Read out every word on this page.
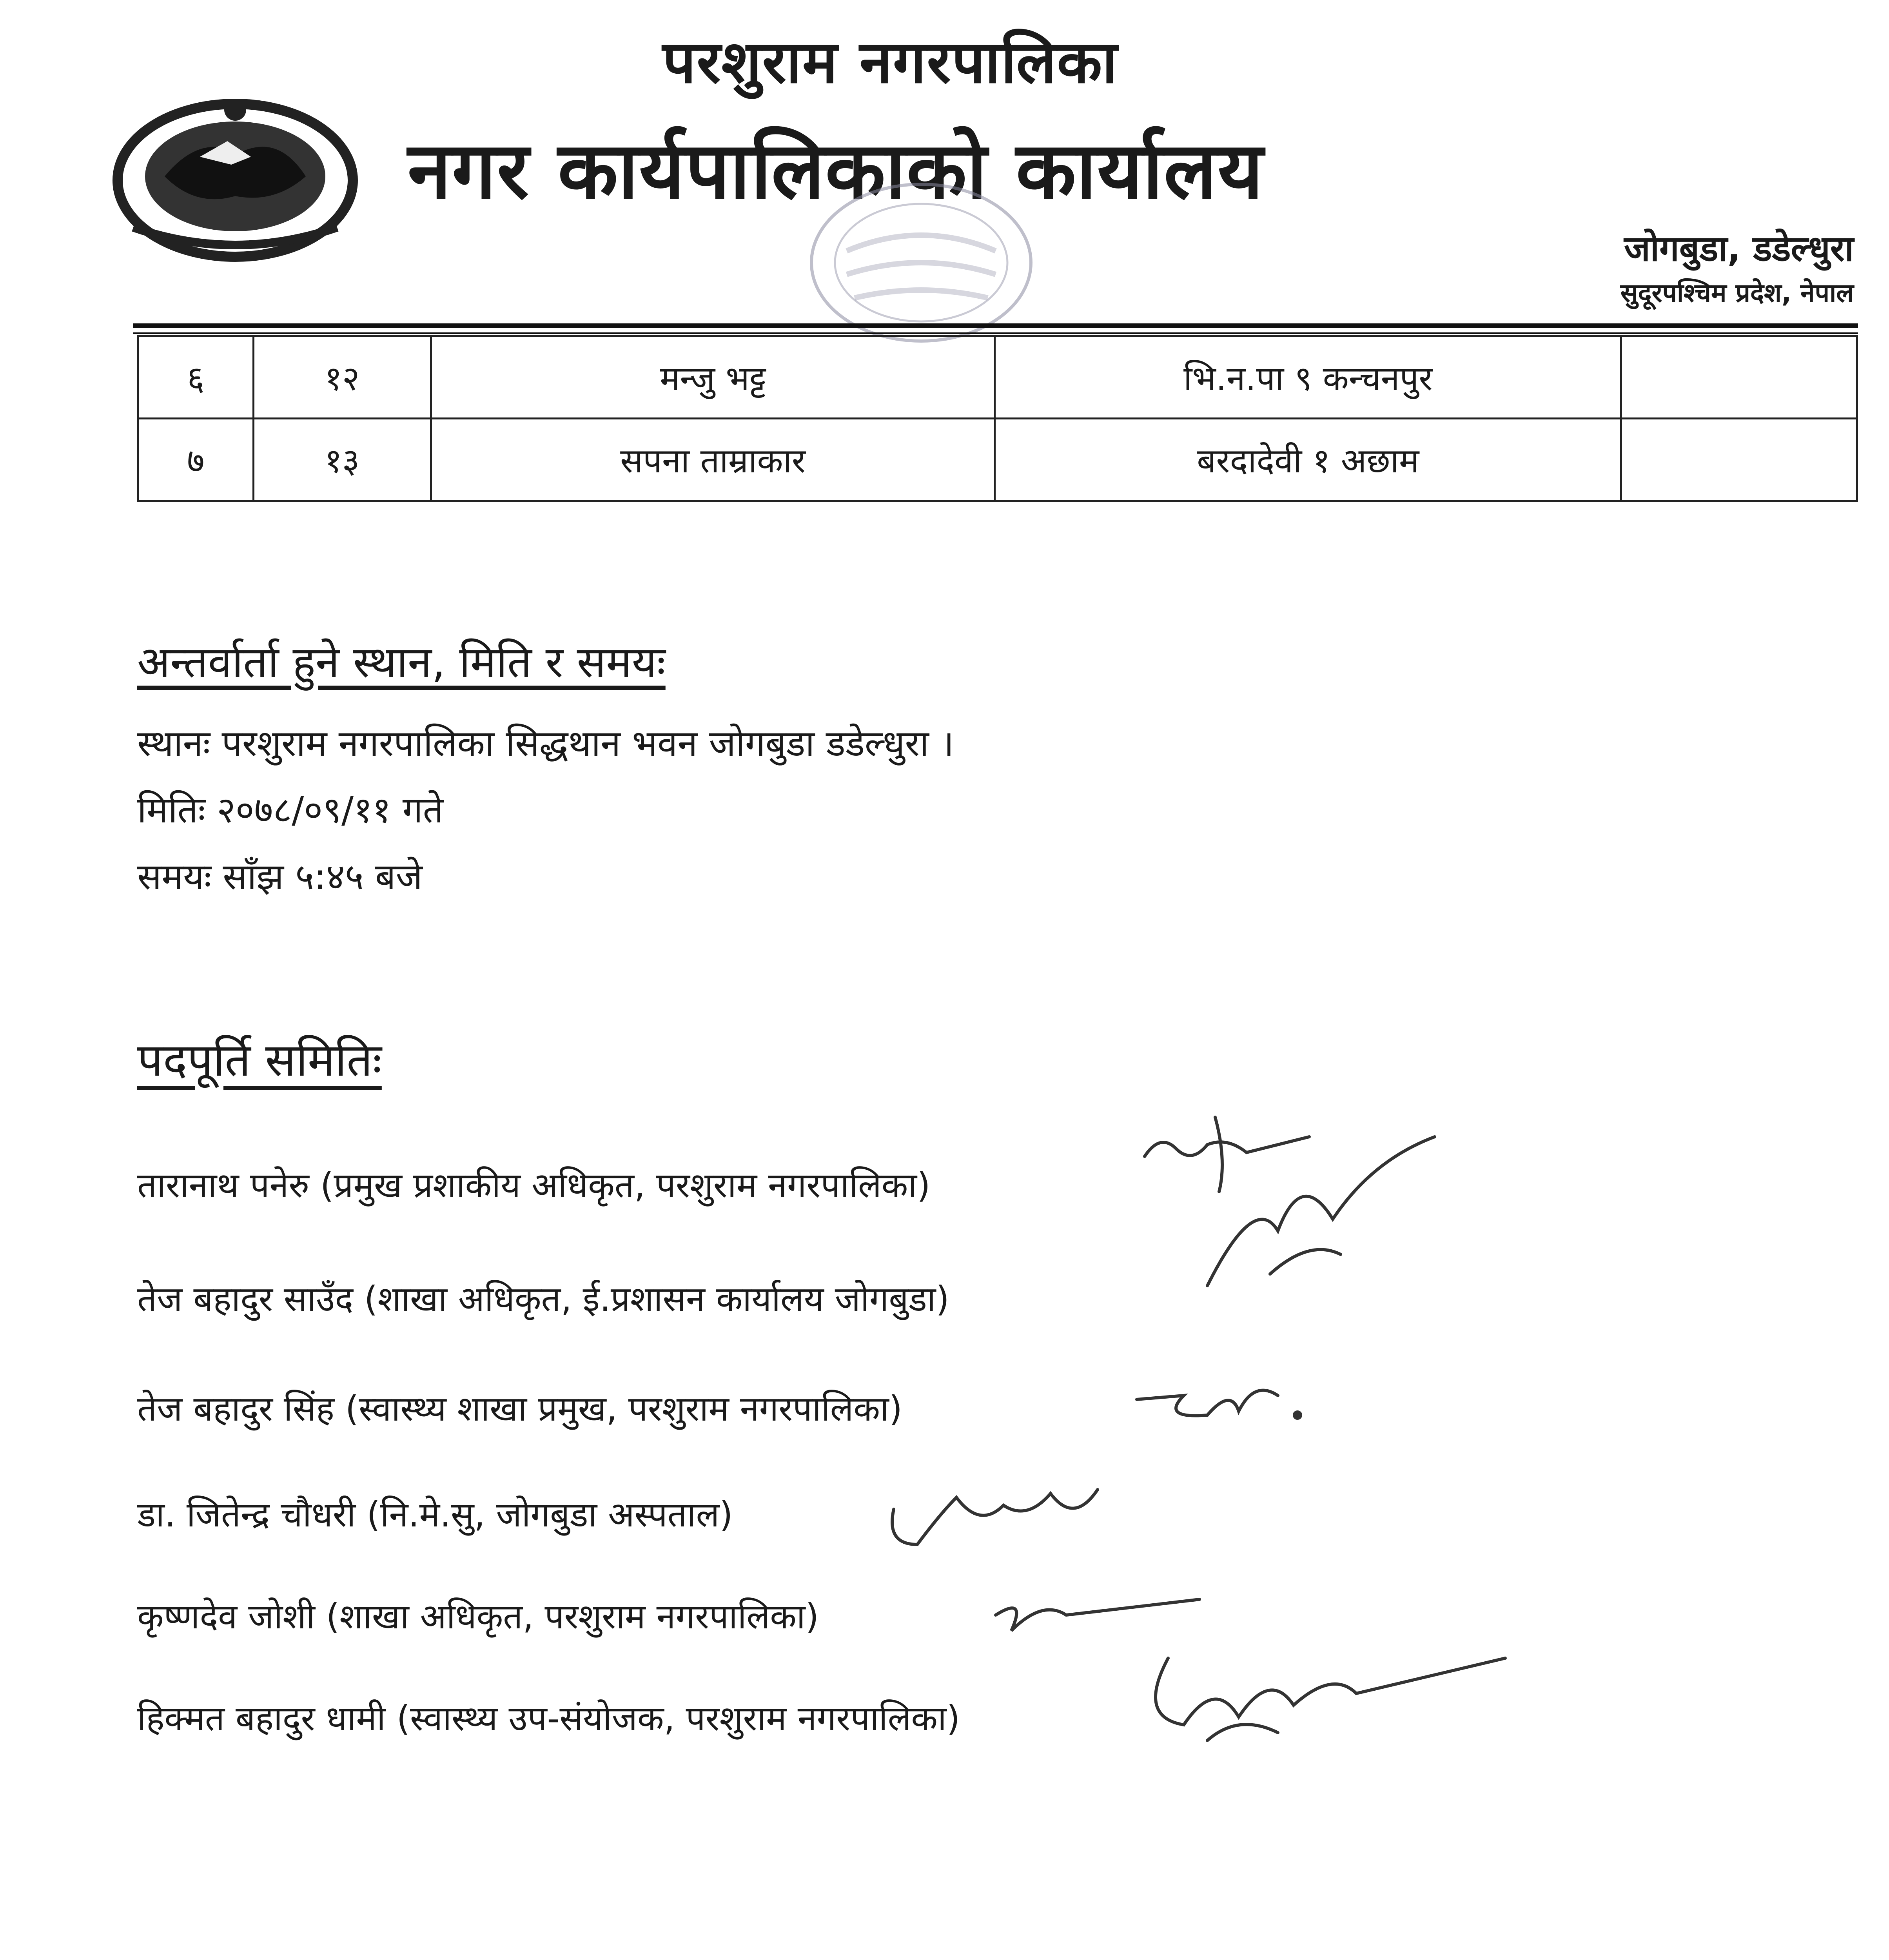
परशुराम नगरपालिका
नगर कार्यपालिकाको कार्यालय
जोगबुडा, डडेल्धुरा
सुदूरपश्चिम प्रदेश, नेपाल
६	१२	मन्जु भट्ट	भि.न.पा ९ कन्चनपुर	
७	१३	सपना ताम्राकार	बरदादेवी १ अछाम	
अन्तर्वार्ता हुने स्थान, मिति र समयः
स्थानः परशुराम नगरपालिका सिद्धथान भवन जोगबुडा डडेल्धुरा ।
मितिः २०७८/०९/११ गते
समयः साँझ ५:४५ बजे
पदपूर्ति समितिः
तारानाथ पनेरु (प्रमुख प्रशाकीय अधिकृत, परशुराम नगरपालिका)
तेज बहादुर साउँद (शाखा अधिकृत, ई.प्रशासन कार्यालय जोगबुडा)
तेज बहादुर सिंह (स्वास्थ्य शाखा प्रमुख, परशुराम नगरपालिका)
डा. जितेन्द्र चौधरी (नि.मे.सु, जोगबुडा अस्पताल)
कृष्णदेव जोशी (शाखा अधिकृत, परशुराम नगरपालिका)
हिक्मत बहादुर धामी (स्वास्थ्य उप-संयोजक, परशुराम नगरपालिका)
